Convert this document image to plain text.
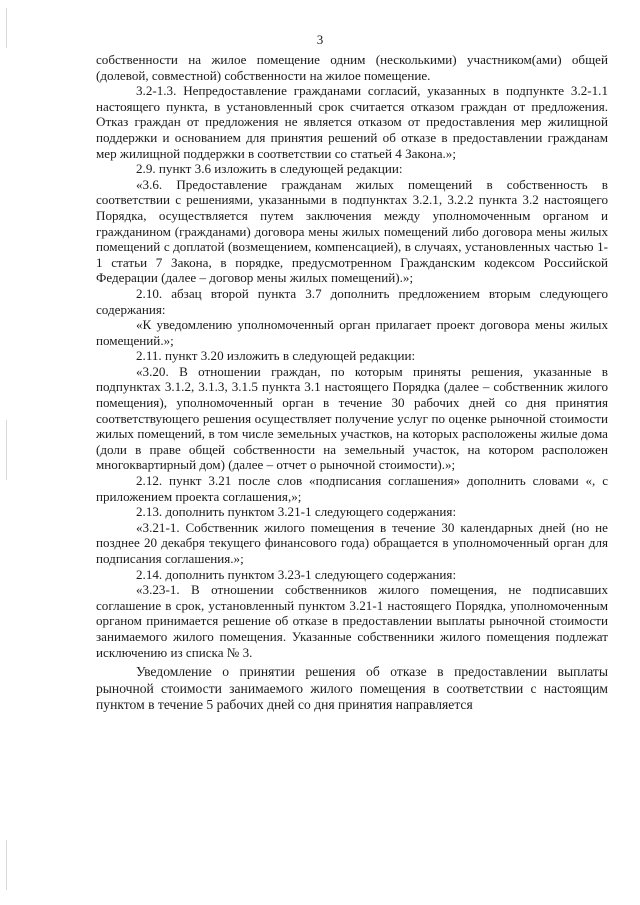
3

собственности на жилое помещение одним (несколькими) участником(ами) общей (долевой, совместной) собственности на жилое помещение.

3.2-1.3. Непредоставление гражданами согласий, указанных в подпункте 3.2-1.1 настоящего пункта, в установленный срок считается отказом граждан от предложения. Отказ граждан от предложения не является отказом от предоставления мер жилищной поддержки и основанием для принятия решений об отказе в предоставлении гражданам мер жилищной поддержки в соответствии со статьей 4 Закона.»;

2.9. пункт 3.6 изложить в следующей редакции:

«3.6. Предоставление гражданам жилых помещений в собственность в соответствии с решениями, указанными в подпунктах 3.2.1, 3.2.2 пункта 3.2 настоящего Порядка, осуществляется путем заключения между уполномоченным органом и гражданином (гражданами) договора мены жилых помещений либо договора мены жилых помещений с доплатой (возмещением, компенсацией), в случаях, установленных частью 1-1 статьи 7 Закона, в порядке, предусмотренном Гражданским кодексом Российской Федерации (далее – договор мены жилых помещений).»;

2.10. абзац второй пункта 3.7 дополнить предложением вторым следующего содержания:

«К уведомлению уполномоченный орган прилагает проект договора мены жилых помещений.»;

2.11. пункт 3.20 изложить в следующей редакции:

«3.20. В отношении граждан, по которым приняты решения, указанные в подпунктах 3.1.2, 3.1.3, 3.1.5 пункта 3.1 настоящего Порядка (далее – собственник жилого помещения), уполномоченный орган в течение 30 рабочих дней со дня принятия соответствующего решения осуществляет получение услуг по оценке рыночной стоимости жилых помещений, в том числе земельных участков, на которых расположены жилые дома (доли в праве общей собственности на земельный участок, на котором расположен многоквартирный дом) (далее – отчет о рыночной стоимости).»;

2.12. пункт 3.21 после слов «подписания соглашения» дополнить словами «, с приложением проекта соглашения,»;

2.13. дополнить пунктом 3.21-1 следующего содержания:

«3.21-1. Собственник жилого помещения в течение 30 календарных дней (но не позднее 20 декабря текущего финансового года) обращается в уполномоченный орган для подписания соглашения.»;

2.14. дополнить пунктом 3.23-1 следующего содержания:

«3.23-1. В отношении собственников жилого помещения, не подписавших соглашение в срок, установленный пунктом 3.21-1 настоящего Порядка, уполномоченным органом принимается решение об отказе в предоставлении выплаты рыночной стоимости занимаемого жилого помещения. Указанные собственники жилого помещения подлежат исключению из списка № 3.

Уведомление о принятии решения об отказе в предоставлении выплаты рыночной стоимости занимаемого жилого помещения в соответствии с настоящим пунктом в течение 5 рабочих дней со дня принятия направляется
